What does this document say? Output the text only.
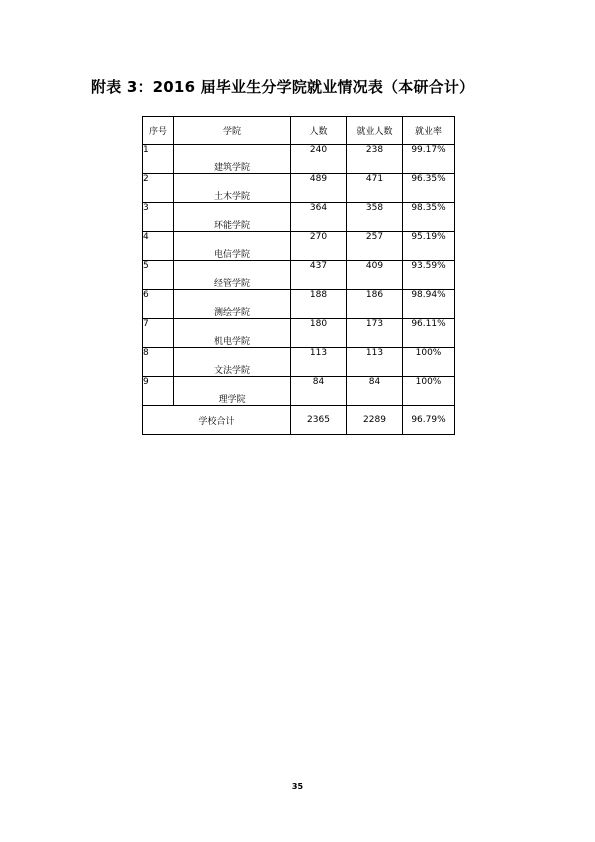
附表 3：2016 届毕业生分学院就业情况表（本研合计）
序号	学院	人数	就业人数	就业率
1	建筑学院	240	238	99.17%
2	土木学院	489	471	96.35%
3	环能学院	364	358	98.35%
4	电信学院	270	257	95.19%
5	经管学院	437	409	93.59%
6	测绘学院	188	186	98.94%
7	机电学院	180	173	96.11%
8	文法学院	113	113	100%
9	理学院	84	84	100%
学校合计		2365	2289	96.79%
35
